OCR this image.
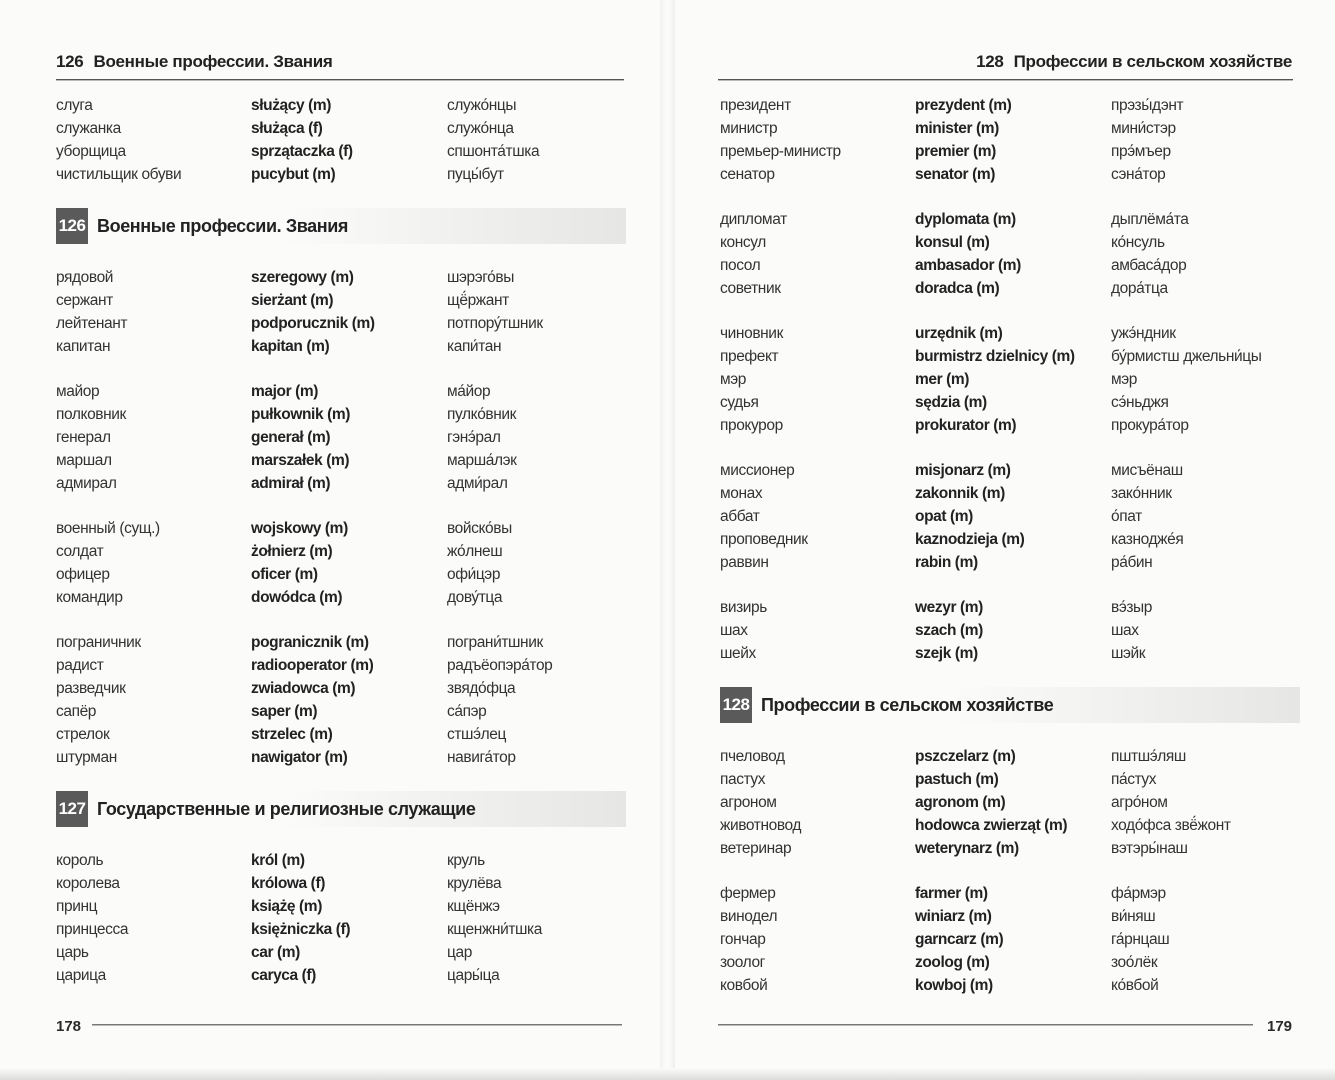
126 Военные профессии. Звания
слуга	służący (m)	служо́нцы
служанка	służąca (f)	служо́нца
уборщица	sprzątaczka (f)	спшонта́тшка
чистильщик обуви	pucybut (m)	пуцы́бут
126 Военные профессии. Звания
рядовой	szeregowy (m)	шэрэго́вы
сержант	sierżant (m)	щё́ржант
лейтенант	podporucznik (m)	потпору́тшник
капитан	kapitan (m)	капи́тан
майор	major (m)	ма́йор
полковник	pułkownik (m)	пулко́вник
генерал	generał (m)	гэнэ́рал
маршал	marszałek (m)	марша́лэк
адмирал	admirał (m)	адми́рал
военный (сущ.)	wojskowy (m)	войско́вы
солдат	żołnierz (m)	жо́лнеш
офицер	oficer (m)	офи́цэр
командир	dowódca (m)	дову́тца
пограничник	pogranicznik (m)	пограни́тшник
радист	radiooperator (m)	радъёопэра́тор
разведчик	zwiadowca (m)	звядо́фца
сапёр	saper (m)	са́пэр
стрелок	strzelec (m)	стшэ́лец
штурман	nawigator (m)	навига́тор
127 Государственные и религиозные служащие
король	król (m)	круль
королева	królowa (f)	крулёва
принц	książę (m)	кщёнжэ
принцесса	księżniczka (f)	кщенжни́тшка
царь	car (m)	цар
царица	caryca (f)	цары́ца
178
128 Профессии в сельском хозяйстве
президент	prezydent (m)	прэзы́дэнт
министр	minister (m)	мини́стэр
премьер-министр	premier (m)	прэ́мъер
сенатор	senator (m)	сэна́тор
дипломат	dyplomata (m)	дыплёма́та
консул	konsul (m)	ко́нсуль
посол	ambasador (m)	амбаса́дор
советник	doradca (m)	дора́тца
чиновник	urzędnik (m)	ужэ́ндник
префект	burmistrz dzielnicy (m)	бу́рмистш джельни́цы
мэр	mer (m)	мэр
судья	sędzia (m)	сэ́ньджя
прокурор	prokurator (m)	прокура́тор
миссионер	misjonarz (m)	мисъёнаш
монах	zakonnik (m)	зако́нник
аббат	opat (m)	о́пат
проповедник	kaznodzieja (m)	казнодже́я
раввин	rabin (m)	ра́бин
визирь	wezyr (m)	вэ́зыр
шах	szach (m)	шах
шейх	szejk (m)	шэйк
128 Профессии в сельском хозяйстве
пчеловод	pszczelarz (m)	пштшэ́ляш
пастух	pastuch (m)	па́стух
агроном	agronom (m)	агро́ном
животновод	hodowca zwierząt (m)	ходо́фса звё́жонт
ветеринар	weterynarz (m)	вэтэры́наш
фермер	farmer (m)	фа́рмэр
винодел	winiarz (m)	ви́няш
гончар	garncarz (m)	га́рнцаш
зоолог	zoolog (m)	зоо́лёк
ковбой	kowboj (m)	ко́вбой
179
